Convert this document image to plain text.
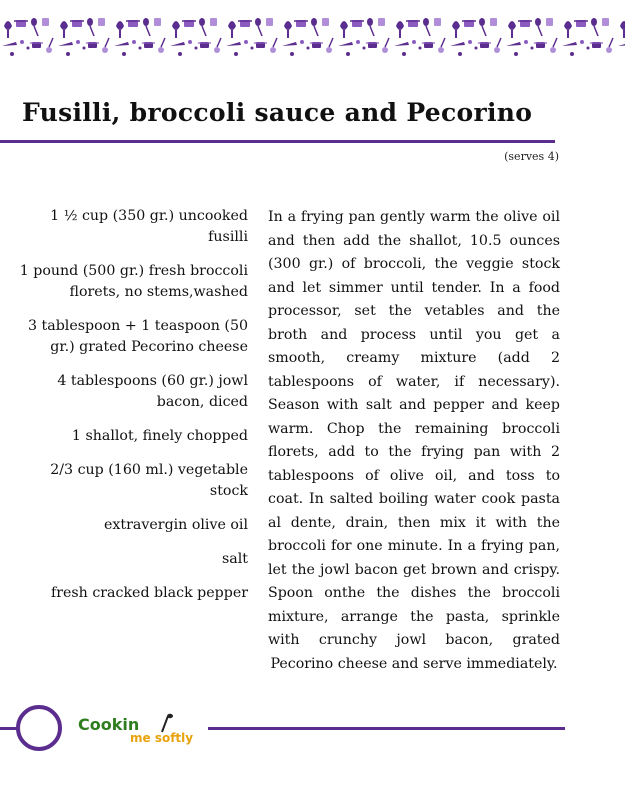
Fusilli, broccoli sauce and Pecorino
(serves 4)
1 ½ cup (350 gr.) uncooked fusilli
1 pound (500 gr.) fresh broccoli florets, no stems,washed
3 tablespoon + 1 teaspoon (50 gr.) grated Pecorino cheese
4 tablespoons (60 gr.) jowl bacon, diced
1 shallot, finely chopped
2/3 cup (160 ml.) vegetable stock
extravergin olive oil
salt
fresh cracked black pepper

In a frying pan gently warm the olive oil and then add the shallot, 10.5 ounces (300 gr.) of broccoli, the veggie stock and let simmer until tender. In a food processor, set the vetables and the broth and process until you get a smooth, creamy mixture (add 2 tablespoons of water, if necessary). Season with salt and pepper and keep warm. Chop the remaining broccoli florets, add to the frying pan with 2 tablespoons of olive oil, and toss to coat. In salted boiling water cook pasta al dente, drain, then mix it with the broccoli for one minute. In a frying pan, let the jowl bacon get brown and crispy. Spoon onthe the dishes the broccoli mixture, arrange the pasta, sprinkle with crunchy jowl bacon, grated Pecorino cheese and serve immediately.

Cookin
me softly
